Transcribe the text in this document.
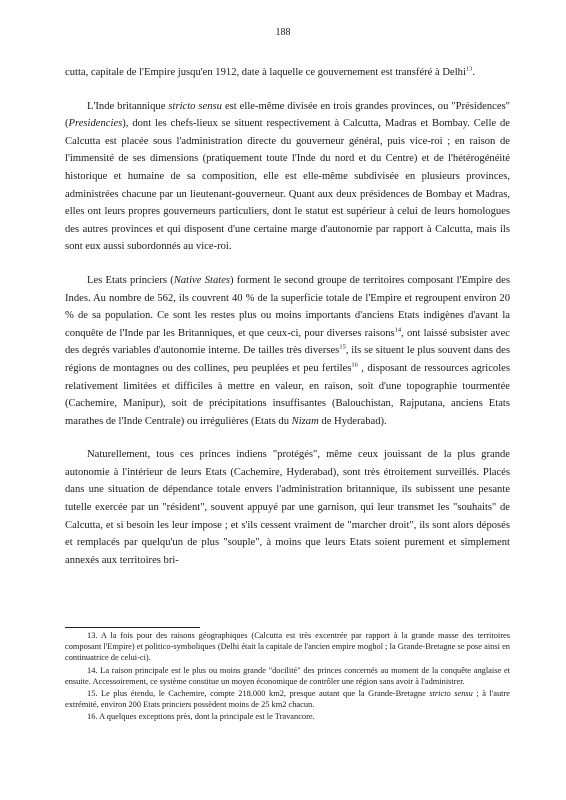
188

cutta, capitale de l'Empire jusqu'en 1912, date à laquelle ce gouvernement est transféré à Delhi$^{13}$.

L'Inde britannique stricto sensu est elle-même divisée en trois grandes provinces, ou "Présidences" (Presidencies), dont les chefs-lieux se situent respectivement à Calcutta, Madras et Bombay. Celle de Calcutta est placée sous l'administration directe du gouverneur général, puis vice-roi ; en raison de l'immensité de ses dimensions (pratiquement toute l'Inde du nord et du Centre) et de l'hétérogénéité historique et humaine de sa composition, elle est elle-même subdivisée en plusieurs provinces, administrées chacune par un lieutenant-gouverneur. Quant aux deux présidences de Bombay et Madras, elles ont leurs propres gouverneurs particuliers, dont le statut est supérieur à celui de leurs homologues des autres provinces et qui disposent d'une certaine marge d'autonomie par rapport à Calcutta, mais ils sont eux aussi subordonnés au vice-roi.

Les Etats princiers (Native States) forment le second groupe de territoires composant l'Empire des Indes. Au nombre de 562, ils couvrent 40 % de la superficie totale de l'Empire et regroupent environ 20 % de sa population. Ce sont les restes plus ou moins importants d'anciens Etats indigènes d'avant la conquête de l'Inde par les Britanniques, et que ceux-ci, pour diverses raisons$^{14}$, ont laissé subsister avec des degrés variables d'autonomie interne. De tailles très diverses$^{15}$, ils se situent le plus souvent dans des régions de montagnes ou des collines, peu peuplées et peu fertiles$^{16}$ , disposant de ressources agricoles relativement limitées et difficiles à mettre en valeur, en raison, soit d'une topographie tourmentée (Cachemire, Manipur), soit de précipitations insuffisantes (Balouchistan, Rajputana, anciens Etats marathes de l'Inde Centrale) ou irrégulières (Etats du Nizam de Hyderabad).

Naturellement, tous ces princes indiens "protégés", même ceux jouissant de la plus grande autonomie à l'intérieur de leurs Etats (Cachemire, Hyderabad), sont très étroitement surveillés. Placés dans une situation de dépendance totale envers l'administration britannique, ils subissent une pesante tutelle exercée par un "résident", souvent appuyé par une garnison, qui leur transmet les "souhaits" de Calcutta, et si besoin les leur impose ; et s'ils cessent vraiment de "marcher droit", ils sont alors déposés et remplacés par quelqu'un de plus "souple", à moins que leurs Etats soient purement et simplement annexés aux territoires bri-

13. A la fois pour des raisons géographiques (Calcutta est très excentrée par rapport à la grande masse des territoires composant l'Empire) et politico-symboliques (Delhi était la capitale de l'ancien empire moghol ; la Grande-Bretagne se pose ainsi en continuatrice de celui-ci).

14. La raison principale est le plus ou moins grande "docilité" des princes concernés au moment de la conquête anglaise et ensuite. Accessoirement, ce système constitue un moyen économique de contrôler une région sans avoir à l'administrer.

15. Le plus étendu, le Cachemire, compte 218.000 km2, presque autant que la Grande-Bretagne stricto sensu ; à l'autre extrémité, environ 200 Etats princiers possèdent moins de 25 km2 chacun.

16. A quelques exceptions près, dont la principale est le Travancore.
